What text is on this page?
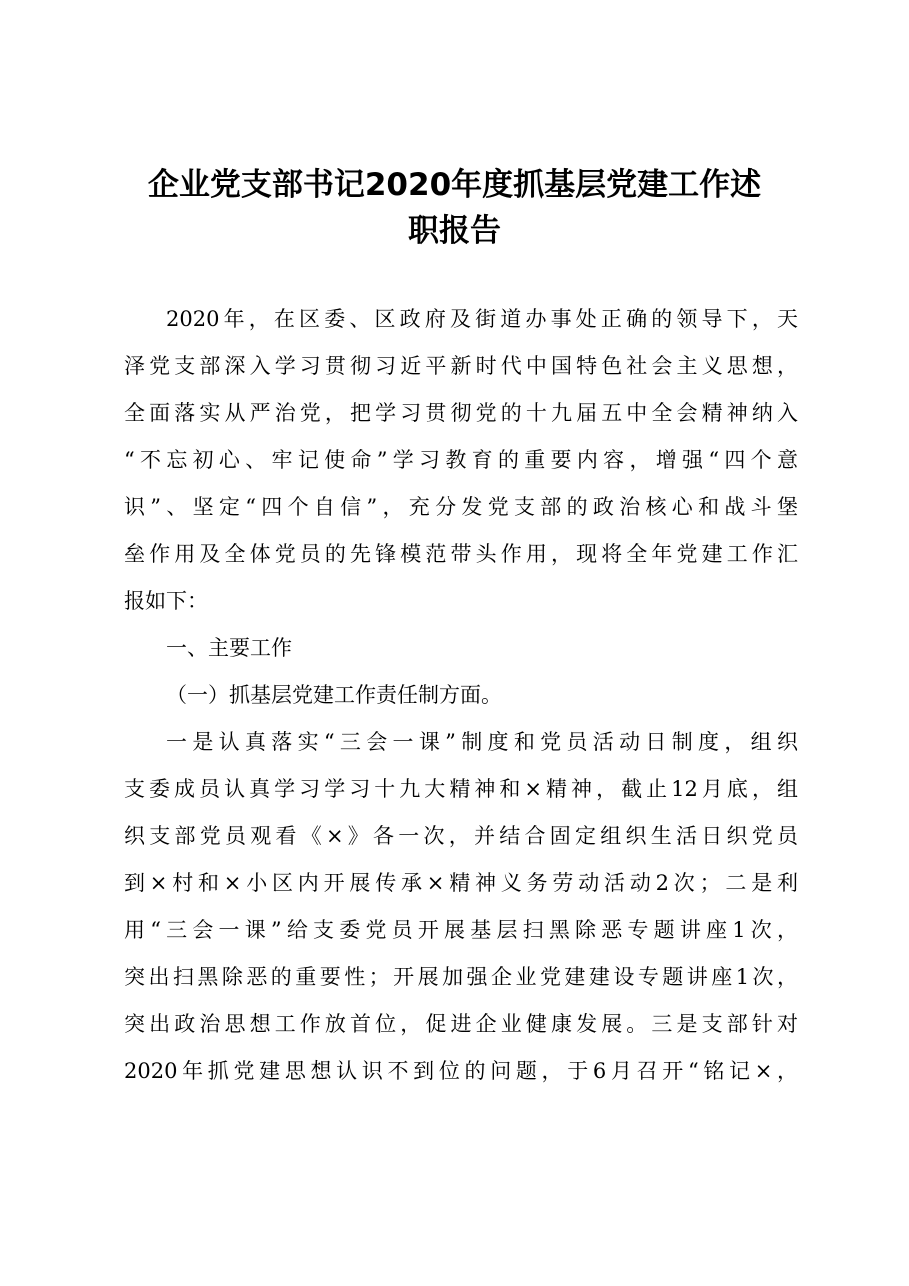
企业党支部书记2020年度抓基层党建工作述
职报告
2020年，在区委、区政府及街道办事处正确的领导下，天
泽党支部深入学习贯彻习近平新时代中国特色社会主义思想，
全面落实从严治党，把学习贯彻党的十九届五中全会精神纳入
“不忘初心、牢记使命”学习教育的重要内容，增强“四个意
识”、坚定“四个自信”，充分发党支部的政治核心和战斗堡
垒作用及全体党员的先锋模范带头作用，现将全年党建工作汇
报如下：
一、主要工作
（一）抓基层党建工作责任制方面。
一是认真落实“三会一课”制度和党员活动日制度，组织
支委成员认真学习学习十九大精神和×精神，截止12月底，组
织支部党员观看《×》各一次，并结合固定组织生活日织党员
到×村和×小区内开展传承×精神义务劳动活动2次；二是利
用“三会一课”给支委党员开展基层扫黑除恶专题讲座1次，
突出扫黑除恶的重要性；开展加强企业党建建设专题讲座1次，
突出政治思想工作放首位，促进企业健康发展。三是支部针对
2020年抓党建思想认识不到位的问题，于6月召开“铭记×，
